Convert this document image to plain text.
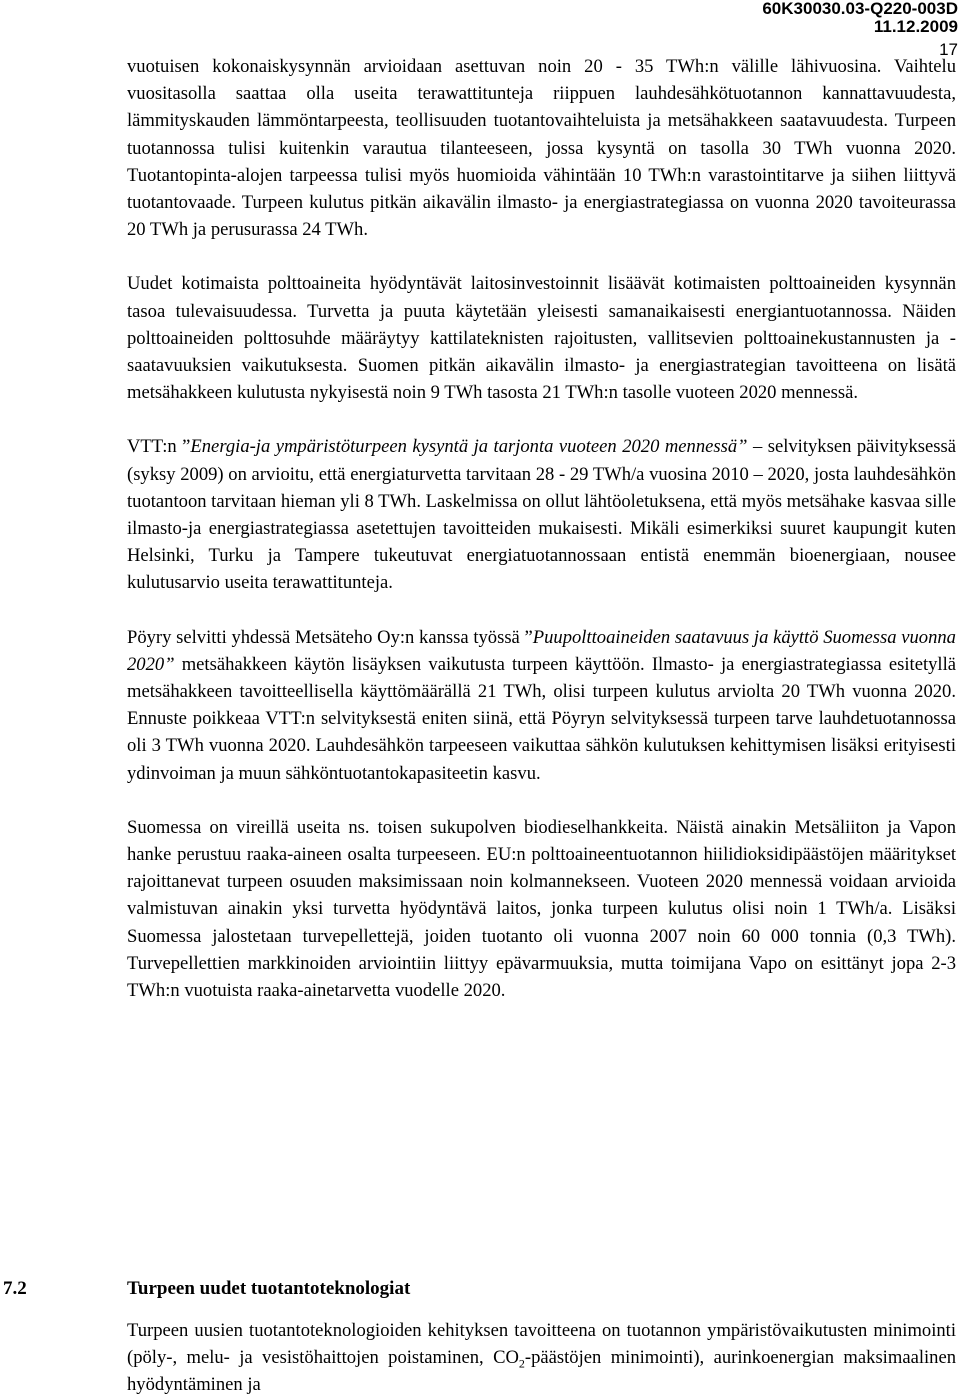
60K30030.03-Q220-003D
11.12.2009
17

vuotuisen kokonaiskysynnän arvioidaan asettuvan noin 20 - 35 TWh:n välille lähivuosina. Vaihtelu vuositasolla saattaa olla useita terawattitunteja riippuen lauhdesähkötuotannon kannattavuudesta, lämmityskauden lämmöntarpeesta, teollisuuden tuotantovaihteluista ja metsähakkeen saatavuudesta. Turpeen tuotannossa tulisi kuitenkin varautua tilanteeseen, jossa kysyntä on tasolla 30 TWh vuonna 2020. Tuotantopinta-alojen tarpeessa tulisi myös huomioida vähintään 10 TWh:n varastointitarve ja siihen liittyvä tuotantovaade. Turpeen kulutus pitkän aikavälin ilmasto- ja energiastrategiassa on vuonna 2020 tavoiteurassa 20 TWh ja perusurassa 24 TWh.

Uudet kotimaista polttoaineita hyödyntävät laitosinvestoinnit lisäävät kotimaisten polttoaineiden kysynnän tasoa tulevaisuudessa. Turvetta ja puuta käytetään yleisesti samanaikaisesti energiantuotannossa. Näiden polttoaineiden polttosuhde määräytyy kattilateknisten rajoitusten, vallitsevien polttoainekustannusten ja -saatavuuksien vaikutuksesta. Suomen pitkän aikavälin ilmasto- ja energiastrategian tavoitteena on lisätä metsähakkeen kulutusta nykyisestä noin 9 TWh tasosta 21 TWh:n tasolle vuoteen 2020 mennessä.

VTT:n ”Energia-ja ympäristöturpeen kysyntä ja tarjonta vuoteen 2020 mennessä” – selvityksen päivityksessä (syksy 2009) on arvioitu, että energiaturvetta tarvitaan 28 - 29 TWh/a vuosina 2010 – 2020, josta lauhdesähkön tuotantoon tarvitaan hieman yli 8 TWh. Laskelmissa on ollut lähtöoletuksena, että myös metsähake kasvaa sille ilmasto-ja energiastrategiassa asetettujen tavoitteiden mukaisesti. Mikäli esimerkiksi suuret kaupungit kuten Helsinki, Turku ja Tampere tukeutuvat energiatuotannossaan entistä enemmän bioenergiaan, nousee kulutusarvio useita terawattitunteja.

Pöyry selvitti yhdessä Metsäteho Oy:n kanssa työssä ”Puupolttoaineiden saatavuus ja käyttö Suomessa vuonna 2020” metsähakkeen käytön lisäyksen vaikutusta turpeen käyttöön. Ilmasto- ja energiastrategiassa esitetyllä metsähakkeen tavoitteellisella käyttömäärällä 21 TWh, olisi turpeen kulutus arviolta 20 TWh vuonna 2020. Ennuste poikkeaa VTT:n selvityksestä eniten siinä, että Pöyryn selvityksessä turpeen tarve lauhdetuotannossa oli 3 TWh vuonna 2020. Lauhdesähkön tarpeeseen vaikuttaa sähkön kulutuksen kehittymisen lisäksi erityisesti ydinvoiman ja muun sähköntuotantokapasiteetin kasvu.

Suomessa on vireillä useita ns. toisen sukupolven biodieselhankkeita. Näistä ainakin Metsäliiton ja Vapon hanke perustuu raaka-aineen osalta turpeeseen. EU:n polttoaineentuotannon hiilidioksidipäästöjen määritykset rajoittanevat turpeen osuuden maksimissaan noin kolmannekseen. Vuoteen 2020 mennessä voidaan arvioida valmistuvan ainakin yksi turvetta hyödyntävä laitos, jonka turpeen kulutus olisi noin 1 TWh/a. Lisäksi Suomessa jalostetaan turvepellettejä, joiden tuotanto oli vuonna 2007 noin 60 000 tonnia (0,3 TWh). Turvepellettien markkinoiden arviointiin liittyy epävarmuuksia, mutta toimijana Vapo on esittänyt jopa 2-3 TWh:n vuotuista raaka-ainetarvetta vuodelle 2020.

7.2	Turpeen uudet tuotantoteknologiat

Turpeen uusien tuotantoteknologioiden kehityksen tavoitteena on tuotannon ympäristövaikutusten minimointi (pöly-, melu- ja vesistöhaittojen poistaminen, $CO_2$-päästöjen minimointi), aurinkoenergian maksimaalinen hyödyntäminen ja
